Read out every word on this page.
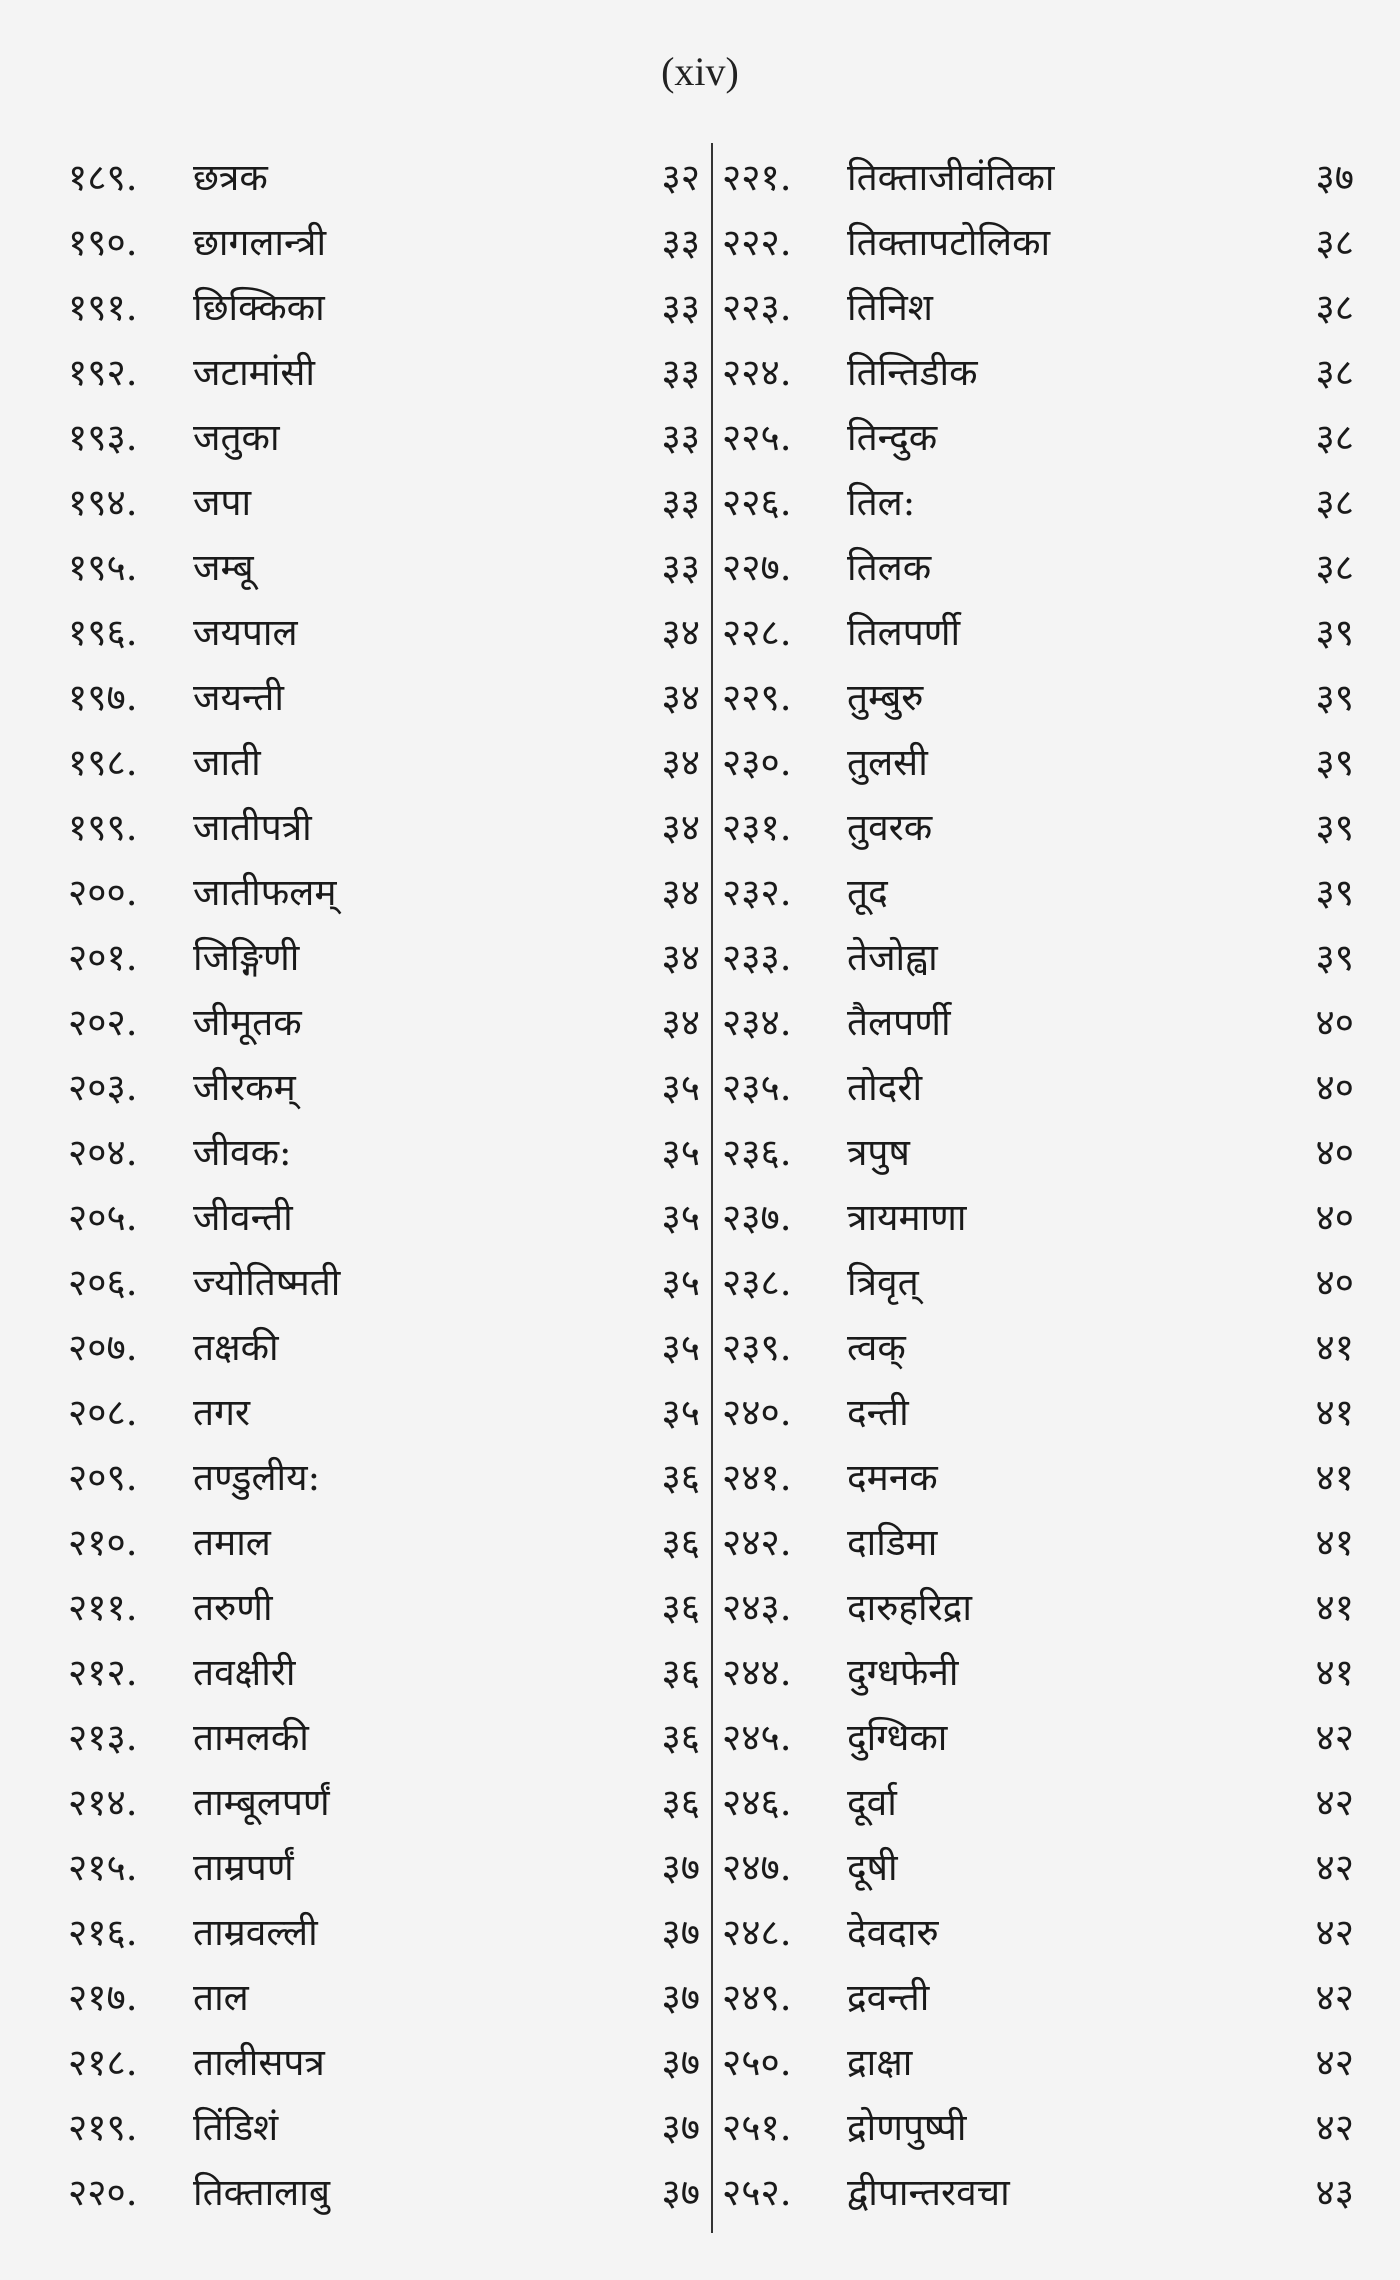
(xiv)
१८९. छत्रक	३२
१९०. छागलान्त्री	३३
१९१. छिक्किका	३३
१९२. जटामांसी	३३
१९३. जतुका	३३
१९४. जपा	३३
१९५. जम्बू	३३
१९६. जयपाल	३४
१९७. जयन्ती	३४
१९८. जाती	३४
१९९. जातीपत्री	३४
२००. जातीफलम्	३४
२०१. जिङ्गिणी	३४
२०२. जीमूतक	३४
२०३. जीरकम्	३५
२०४. जीवक:	३५
२०५. जीवन्ती	३५
२०६. ज्योतिष्मती	३५
२०७. तक्षकी	३५
२०८. तगर	३५
२०९. तण्डुलीय:	३६
२१०. तमाल	३६
२११. तरुणी	३६
२१२. तवक्षीरी	३६
२१३. तामलकी	३६
२१४. ताम्बूलपर्णं	३६
२१५. ताम्रपर्णं	३७
२१६. ताम्रवल्ली	३७
२१७. ताल	३७
२१८. तालीसपत्र	३७
२१९. तिंडिशं	३७
२२०. तिक्तालाबु	३७
२२१. तिक्ताजीवंतिका	३७
२२२. तिक्तापटोलिका	३८
२२३. तिनिश	३८
२२४. तिन्तिडीक	३८
२२५. तिन्दुक	३८
२२६. तिल:	३८
२२७. तिलक	३८
२२८. तिलपर्णी	३९
२२९. तुम्बुरु	३९
२३०. तुलसी	३९
२३१. तुवरक	३९
२३२. तूद	३९
२३३. तेजोह्वा	३९
२३४. तैलपर्णी	४०
२३५. तोदरी	४०
२३६. त्रपुष	४०
२३७. त्रायमाणा	४०
२३८. त्रिवृत्	४०
२३९. त्वक्	४१
२४०. दन्ती	४१
२४१. दमनक	४१
२४२. दाडिमा	४१
२४३. दारुहरिद्रा	४१
२४४. दुग्धफेनी	४१
२४५. दुग्धिका	४२
२४६. दूर्वा	४२
२४७. दूषी	४२
२४८. देवदारु	४२
२४९. द्रवन्ती	४२
२५०. द्राक्षा	४२
२५१. द्रोणपुष्पी	४२
२५२. द्वीपान्तरवचा	४३
